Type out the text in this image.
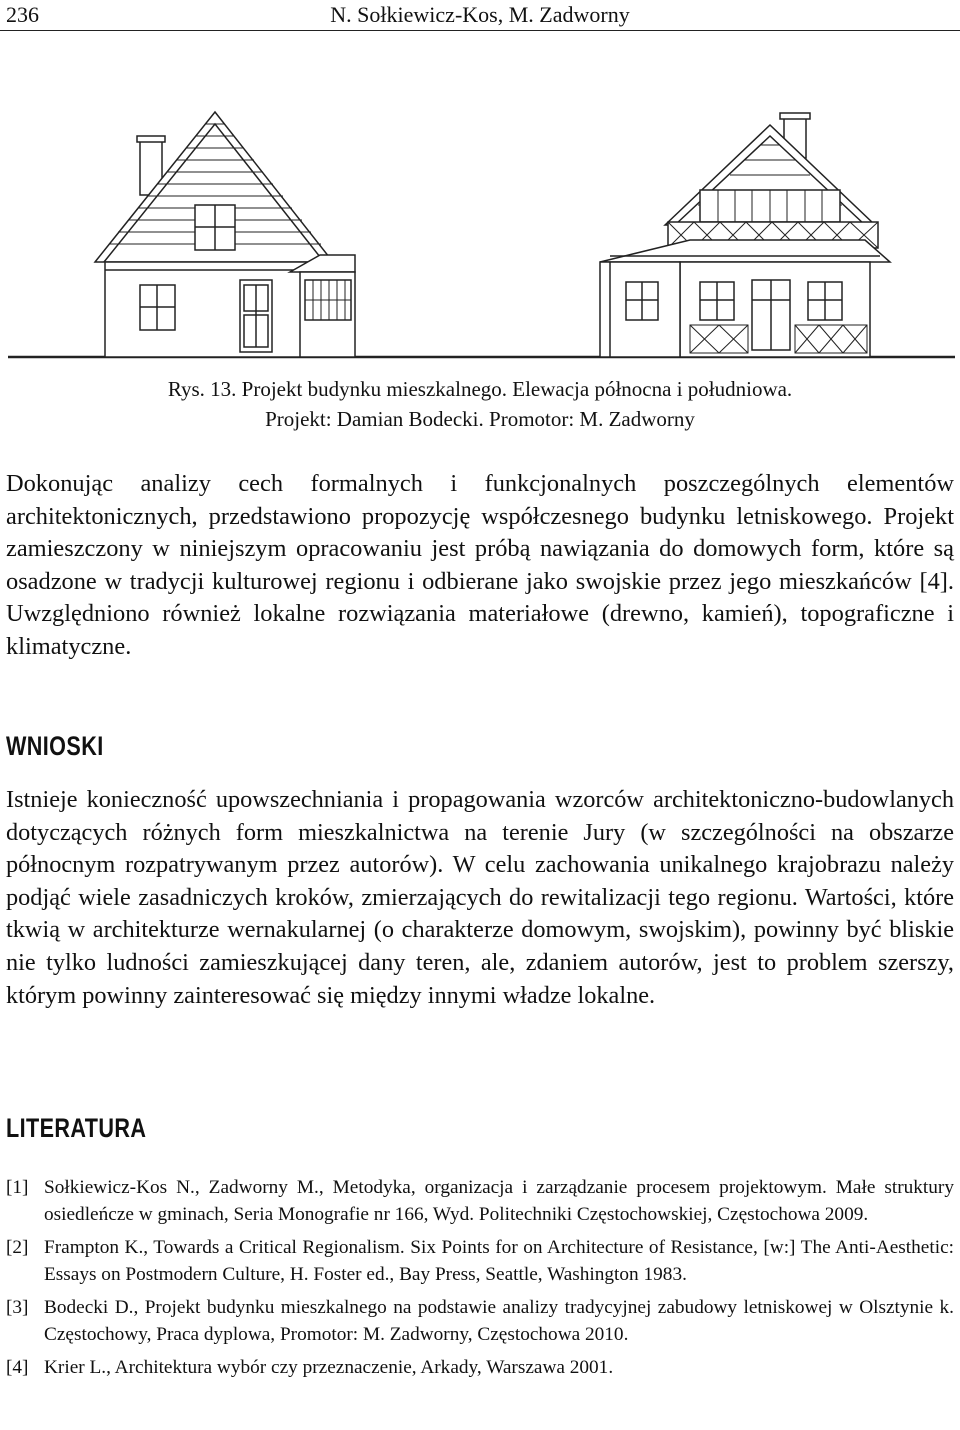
236	N. Sołkiewicz-Kos, M. Zadworny
Rys. 13. Projekt budynku mieszkalnego. Elewacja północna i południowa.
Projekt: Damian Bodecki. Promotor: M. Zadworny

Dokonując analizy cech formalnych i funkcjonalnych poszczególnych elementów architektonicznych, przedstawiono propozycję współczesnego budynku letniskowego. Projekt zamieszczony w niniejszym opracowaniu jest próbą nawiązania do domowych form, które są osadzone w tradycji kulturowej regionu i odbierane jako swojskie przez jego mieszkańców [4]. Uwzględniono również lokalne rozwiązania materiałowe (drewno, kamień), topograficzne i klimatyczne.

WNIOSKI

Istnieje konieczność upowszechniania i propagowania wzorców architektoniczno-budowlanych dotyczących różnych form mieszkalnictwa na terenie Jury (w szczególności na obszarze północnym rozpatrywanym przez autorów). W celu zachowania unikalnego krajobrazu należy podjąć wiele zasadniczych kroków, zmierzających do rewitalizacji tego regionu. Wartości, które tkwią w architekturze wernakularnej (o charakterze domowym, swojskim), powinny być bliskie nie tylko ludności zamieszkującej dany teren, ale, zdaniem autorów, jest to problem szerszy, którym powinny zainteresować się między innymi władze lokalne.

LITERATURA
[1] Sołkiewicz-Kos N., Zadworny M., Metodyka, organizacja i zarządzanie procesem projektowym. Małe struktury osiedleńcze w gminach, Seria Monografie nr 166, Wyd. Politechniki Częstochowskiej, Częstochowa 2009.
[2] Frampton K., Towards a Critical Regionalism. Six Points for on Architecture of Resistance, [w:] The Anti-Aesthetic: Essays on Postmodern Culture, H. Foster ed., Bay Press, Seattle, Washington 1983.
[3] Bodecki D., Projekt budynku mieszkalnego na podstawie analizy tradycyjnej zabudowy letniskowej w Olsztynie k. Częstochowy, Praca dyplowa, Promotor: M. Zadworny, Częstochowa 2010.
[4] Krier L., Architektura wybór czy przeznaczenie, Arkady, Warszawa 2001.
